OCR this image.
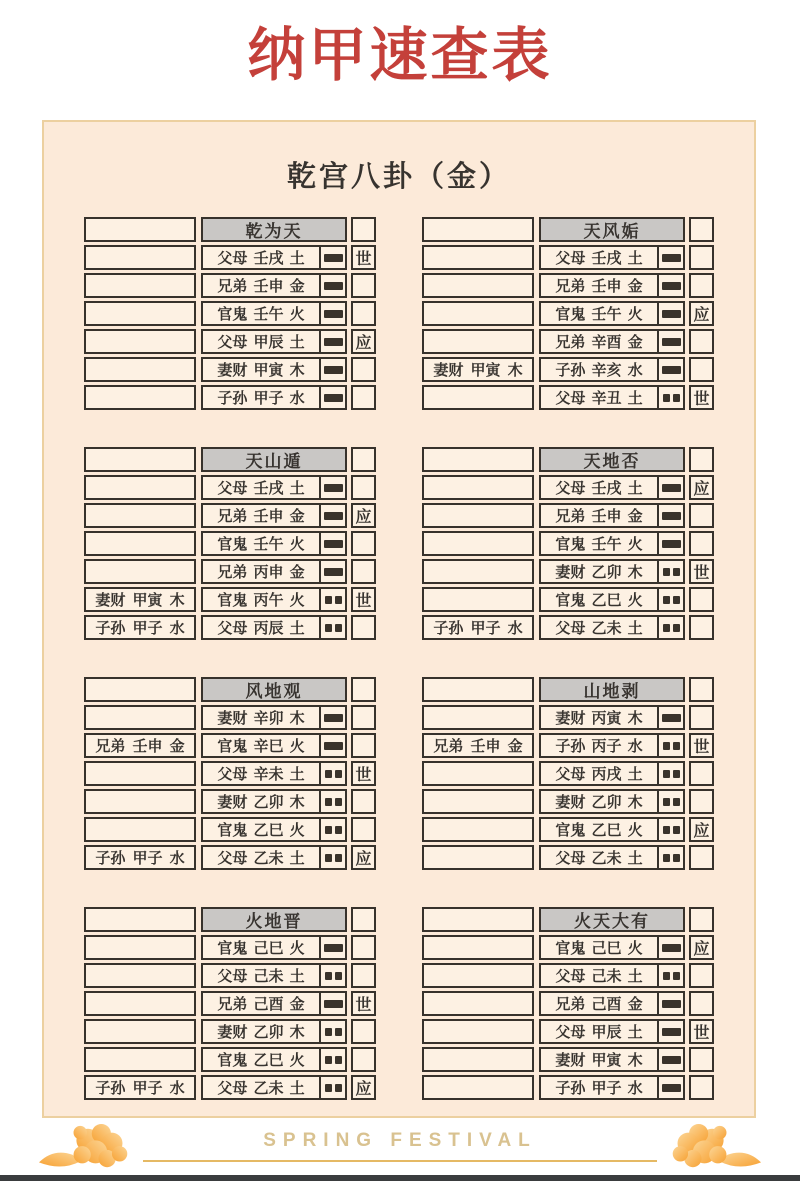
纳甲速查表
乾宫八卦（金）
乾为天
父母 壬戌 土	世
兄弟 壬申 金
官鬼 壬午 火
父母 甲辰 土	应
妻财 甲寅 木
子孙 甲子 水
天风姤
父母 壬戌 土
兄弟 壬申 金
官鬼 壬午 火	应
兄弟 辛酉 金
妻财 甲寅 木	子孙 辛亥 水
父母 辛丑 土	世
天山遁
父母 壬戌 土
兄弟 壬申 金	应
官鬼 壬午 火
兄弟 丙申 金
妻财 甲寅 木	官鬼 丙午 火	世
子孙 甲子 水	父母 丙辰 土
天地否
父母 壬戌 土	应
兄弟 壬申 金
官鬼 壬午 火
妻财 乙卯 木	世
官鬼 乙巳 火
子孙 甲子 水	父母 乙未 土
风地观
妻财 辛卯 木
兄弟 壬申 金	官鬼 辛巳 火
父母 辛未 土	世
妻财 乙卯 木
官鬼 乙巳 火
子孙 甲子 水	父母 乙未 土	应
山地剥
妻财 丙寅 木
兄弟 壬申 金	子孙 丙子 水	世
父母 丙戌 土
妻财 乙卯 木
官鬼 乙巳 火	应
父母 乙未 土
火地晋
官鬼 己巳 火
父母 己未 土
兄弟 己酉 金	世
妻财 乙卯 木
官鬼 乙巳 火
子孙 甲子 水	父母 乙未 土	应
火天大有
官鬼 己巳 火	应
父母 己未 土
兄弟 己酉 金
父母 甲辰 土	世
妻财 甲寅 木
子孙 甲子 水
SPRING FESTIVAL
